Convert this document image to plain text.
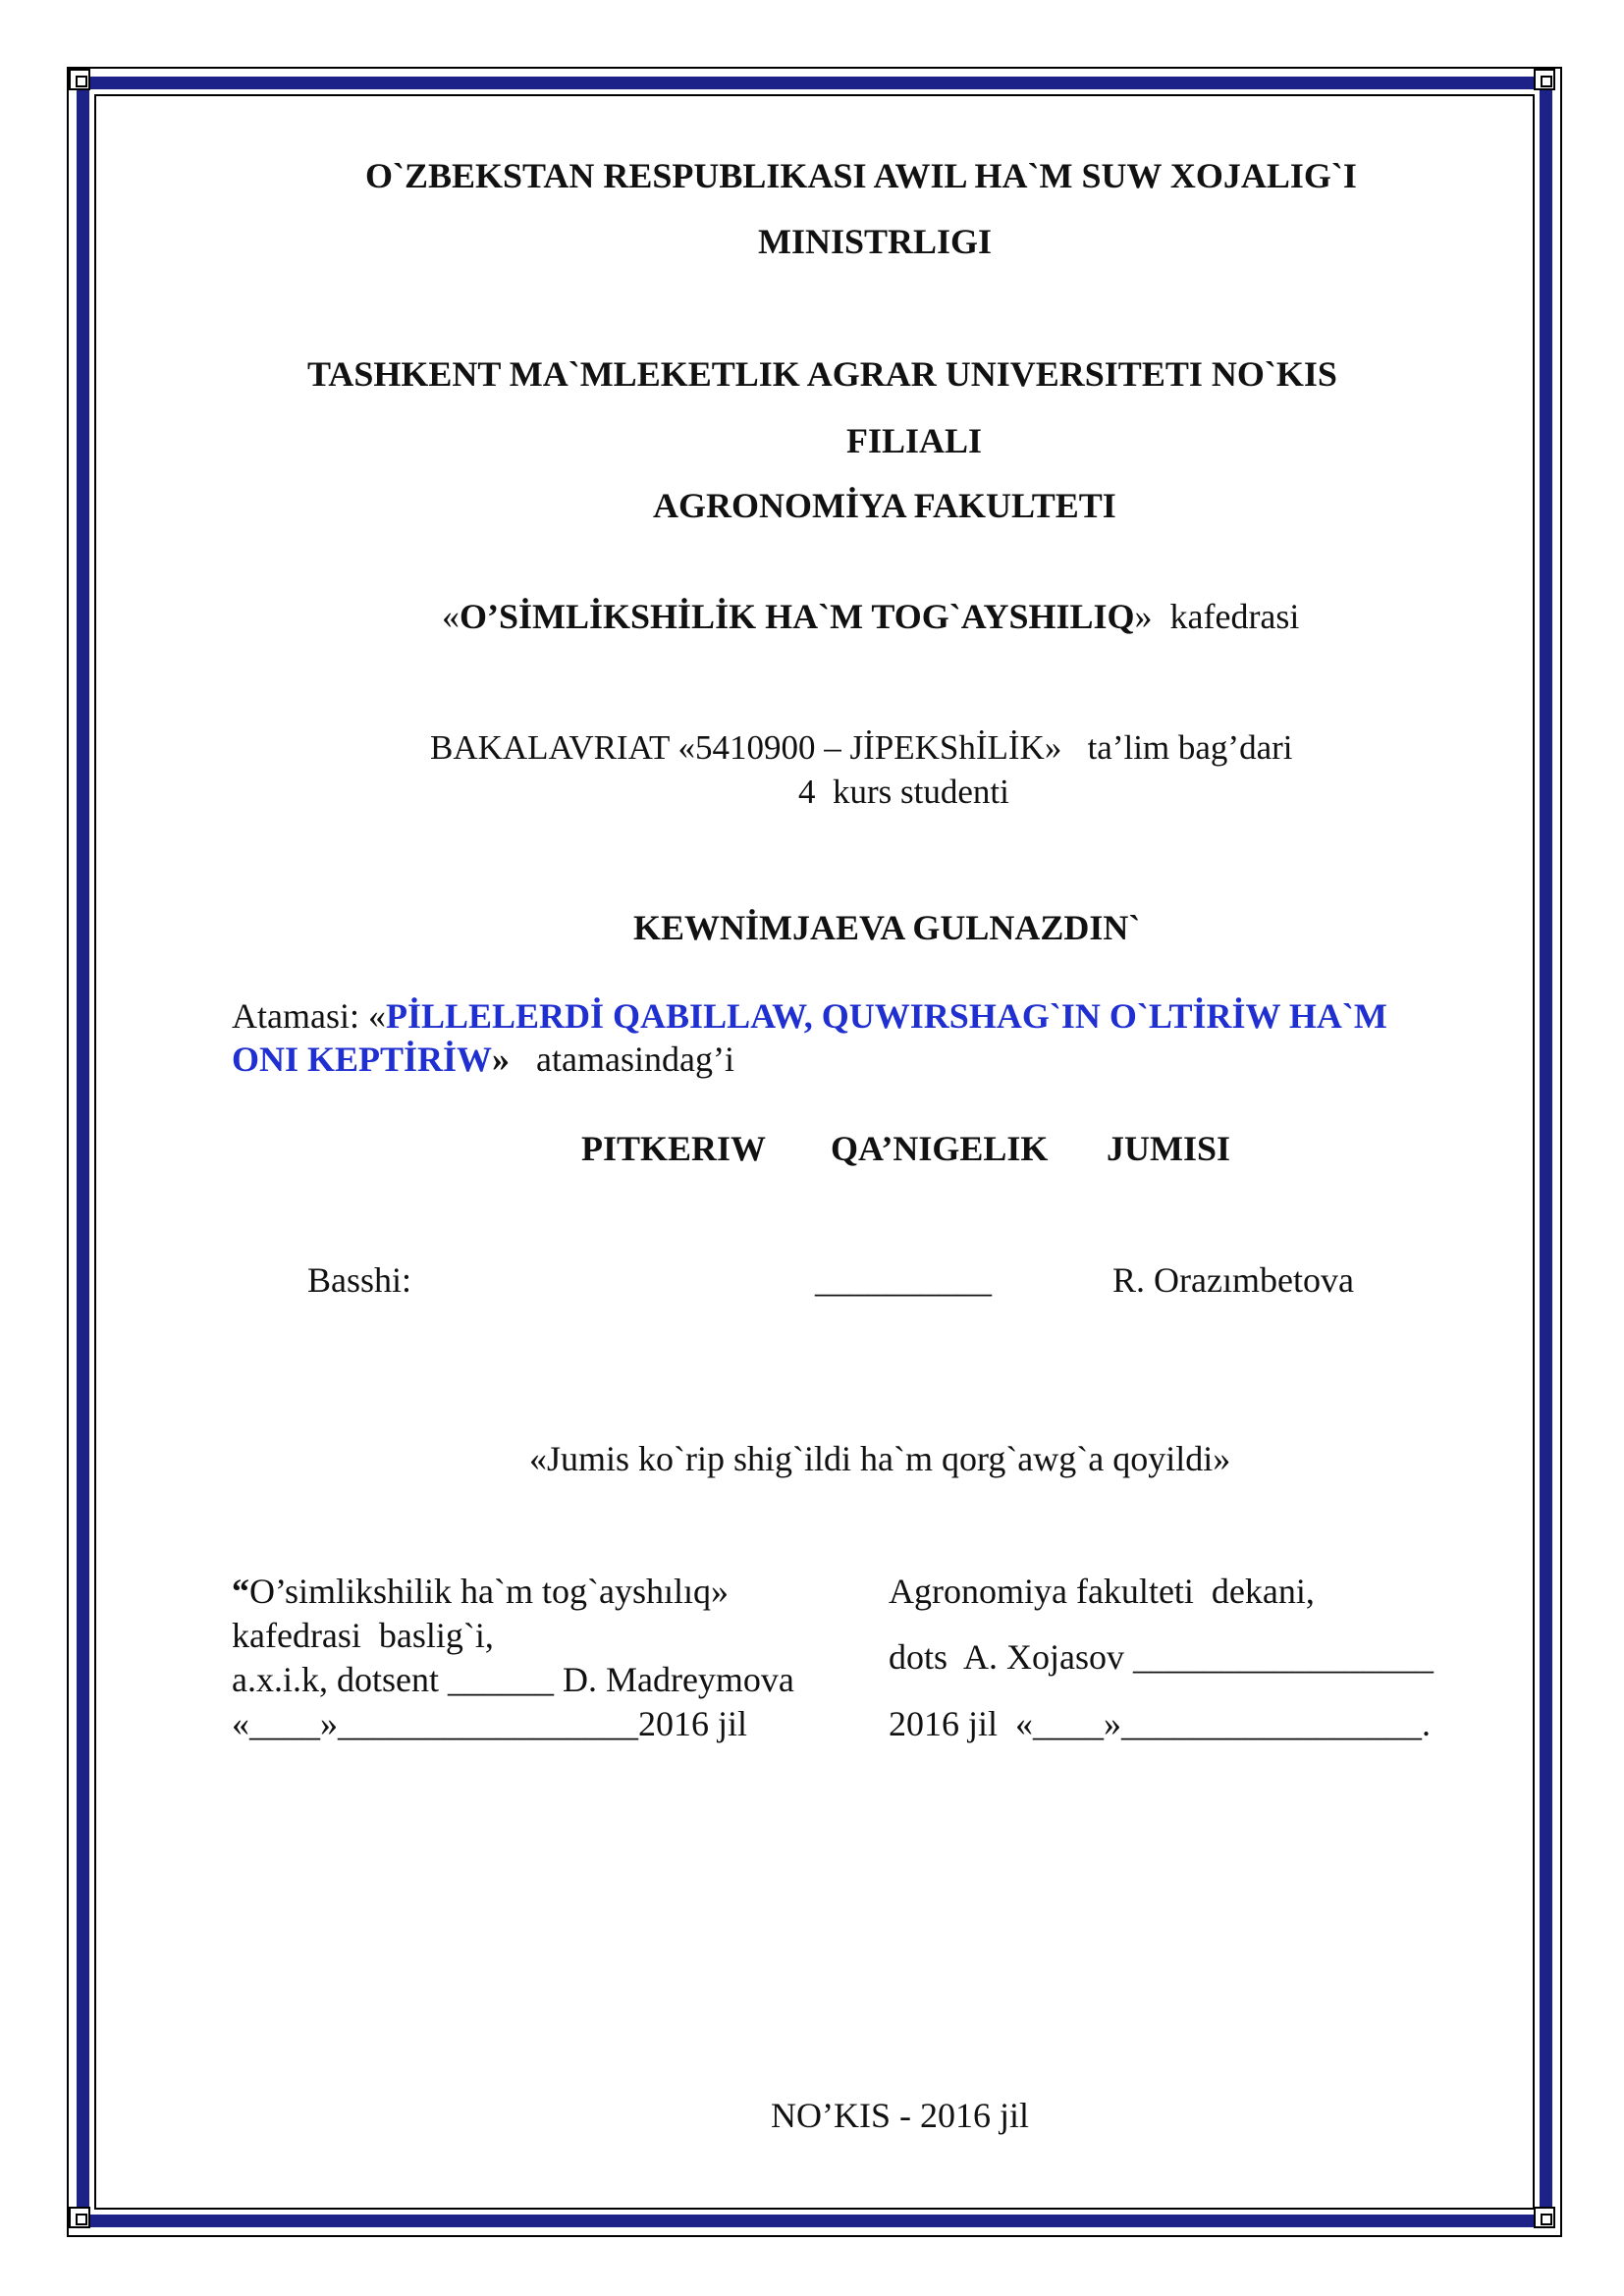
O`ZBEKSTAN RESPUBLIKASI AWIL HA`M SUW XOJALIG`I
MINISTRLIGI
TASHKENT MA`MLEKETLIK AGRAR UNIVERSITETI NO`KIS
FILIALI
AGRONOMİYA FAKULTETI
«O’SİMLİKSHİLİK HA`M TOG`AYSHILIQ» kafedrasi
BAKALAVRIAT «5410900 – JİPEKShİLİK»   ta’lim bag’dari
4  kurs studenti
KEWNİMJAEVA GULNAZDIN`
Atamasi: «PİLLELERDİ QABILLAW, QUWIRSHAG`IN O`LTİRİW HA`M
ONI KEPTİRİW» atamasindag’i
PITKERIW QA’NIGELIK JUMISI
Basshi:	__________	R. Orazımbetova
«Jumis ko`rip shig`ildi ha`m qorg`awg`a qoyildi»
“O’simlikshilik ha`m tog`ayshılıq»
kafedrasi  baslig`i,
a.x.i.k, dotsent ______ D. Madreymova
«____»_________________2016 jil
Agronomiya fakulteti  dekani,
dots  A. Xojasov _________________
2016 jil  «____»_________________.
NO’KIS - 2016 jil
